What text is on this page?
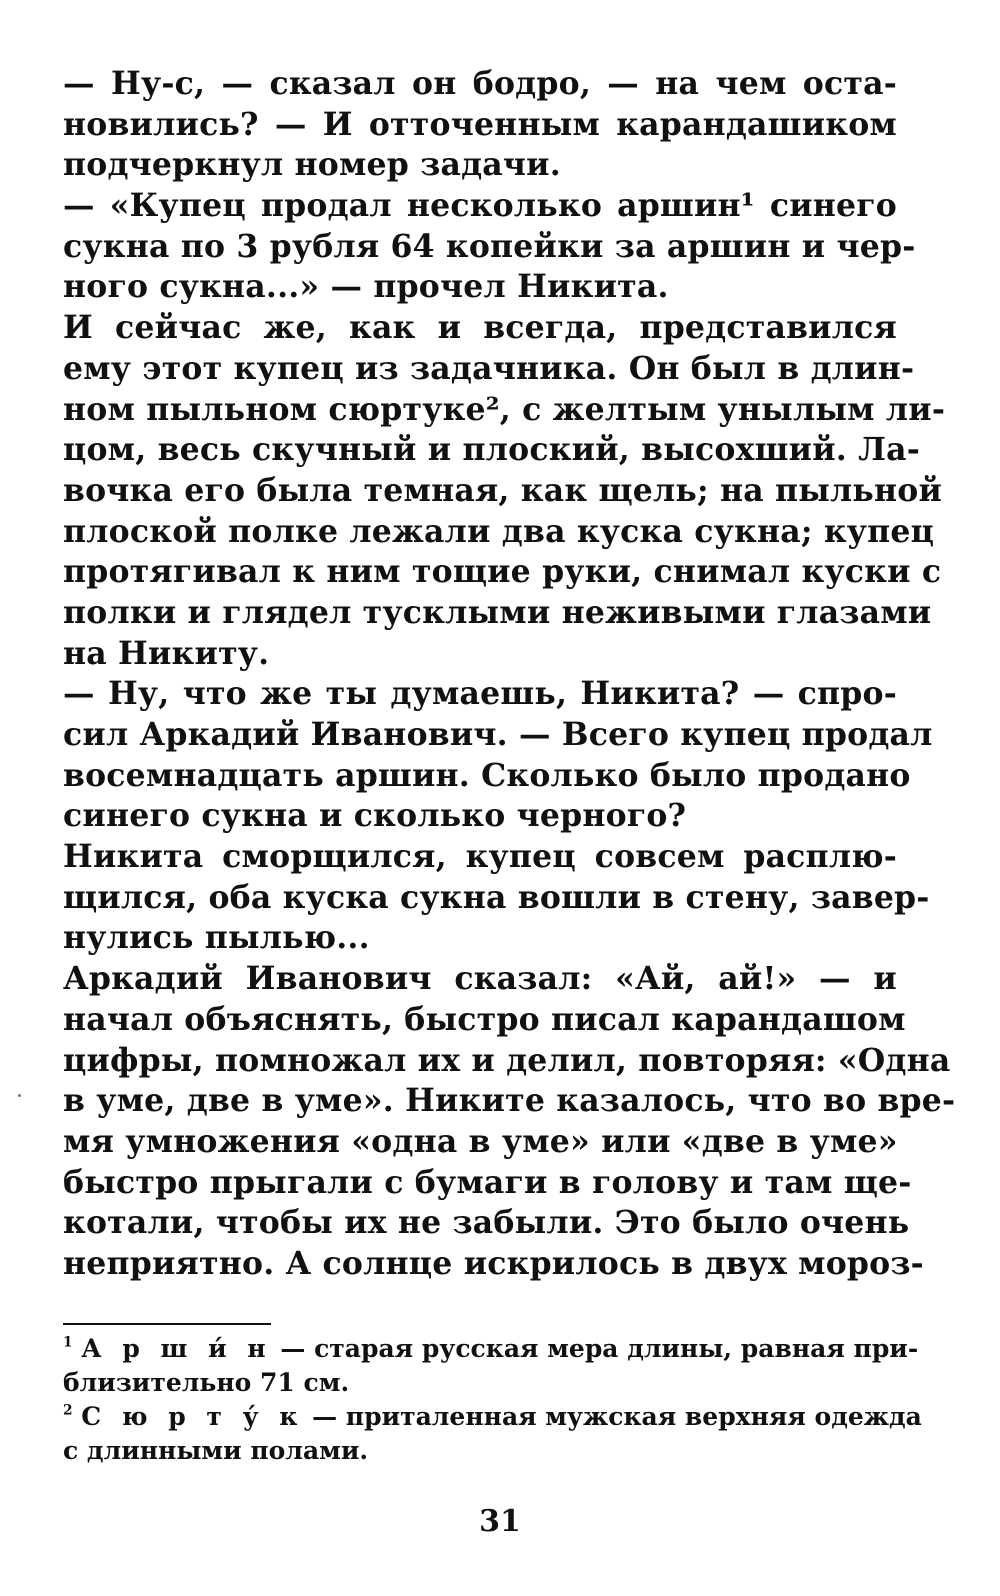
— Ну-с, — сказал он бодро, — на чем оста-
новились? — И отточенным карандашиком
подчеркнул номер задачи.
— «Купец продал несколько аршин¹ синего
сукна по 3 рубля 64 копейки за аршин и чер-
ного сукна...» — прочел Никита.
И сейчас же, как и всегда, представился
ему этот купец из задачника. Он был в длин-
ном пыльном сюртуке², с желтым унылым ли-
цом, весь скучный и плоский, высохший. Ла-
вочка его была темная, как щель; на пыльной
плоской полке лежали два куска сукна; купец
протягивал к ним тощие руки, снимал куски с
полки и глядел тусклыми неживыми глазами
на Никиту.
— Ну, что же ты думаешь, Никита? — спро-
сил Аркадий Иванович. — Всего купец продал
восемнадцать аршин. Сколько было продано
синего сукна и сколько черного?
Никита сморщился, купец совсем расплю-
щился, оба куска сукна вошли в стену, завер-
нулись пылью...
Аркадий Иванович сказал: «Ай, ай!» — и
начал объяснять, быстро писал карандашом
цифры, помножал их и делил, повторяя: «Одна
в уме, две в уме». Никите казалось, что во вре-
мя умножения «одна в уме» или «две в уме»
быстро прыгали с бумаги в голову и там ще-
котали, чтобы их не забыли. Это было очень
неприятно. А солнце искрилось в двух мороз-
$^1$ А р ш и́ н — старая русская мера длины, равная при-
близительно 71 см.
$^2$ С ю р т у́ к — приталенная мужская верхняя одежда
с длинными полами.
31
